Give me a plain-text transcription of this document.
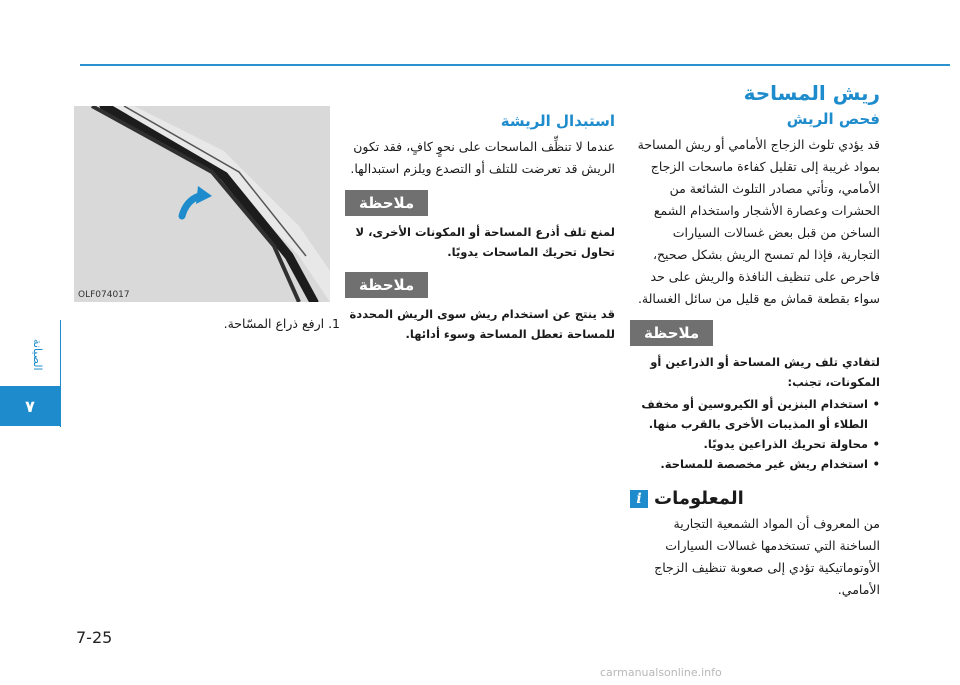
الصيانة
٧
ريش المساحة
فحص الريش

قد يؤدي تلوث الزجاج الأمامي أو ريش المساحة بمواد غريبة إلى تقليل كفاءة ماسحات الزجاج الأمامي، وتأتي مصادر التلوث الشائعة من الحشرات وعصارة الأشجار واستخدام الشمع الساخن من قبل بعض غسالات السيارات التجارية، فإذا لم تمسح الريش بشكل صحيح، فاحرص على تنظيف النافذة والريش على حد سواء بقطعة قماش مع قليل من سائل الغسالة.

ملاحظة

لتفادي تلف ريش المساحة أو الذراعين أو المكونات، تجنب:

• استخدام البنزين أو الكيروسين أو مخفف الطلاء أو المذيبات الأخرى بالقرب منها.
• محاولة تحريك الذراعين يدويًا.
• استخدام ريش غير مخصصة للمساحة.
i المعلومات

من المعروف أن المواد الشمعية التجارية الساخنة التي تستخدمها غسالات السيارات الأوتوماتيكية تؤدي إلى صعوبة تنظيف الزجاج الأمامي.

استبدال الريشة

عندما لا تنظِّف الماسحات على نحوٍ كافٍ، فقد تكون الريش قد تعرضت للتلف أو التصدع ويلزم استبدالها.

ملاحظة

لمنع تلف أذرع المساحة أو المكونات الأخرى، لا تحاول تحريك الماسحات يدويًا.

ملاحظة

قد ينتج عن استخدام ريش سوى الريش المحددة للمساحة تعطل المساحة وسوء أدائها.

OLF074017
1. ارفع ذراع المسّاحة.
7-25
carmanualsonline.info
